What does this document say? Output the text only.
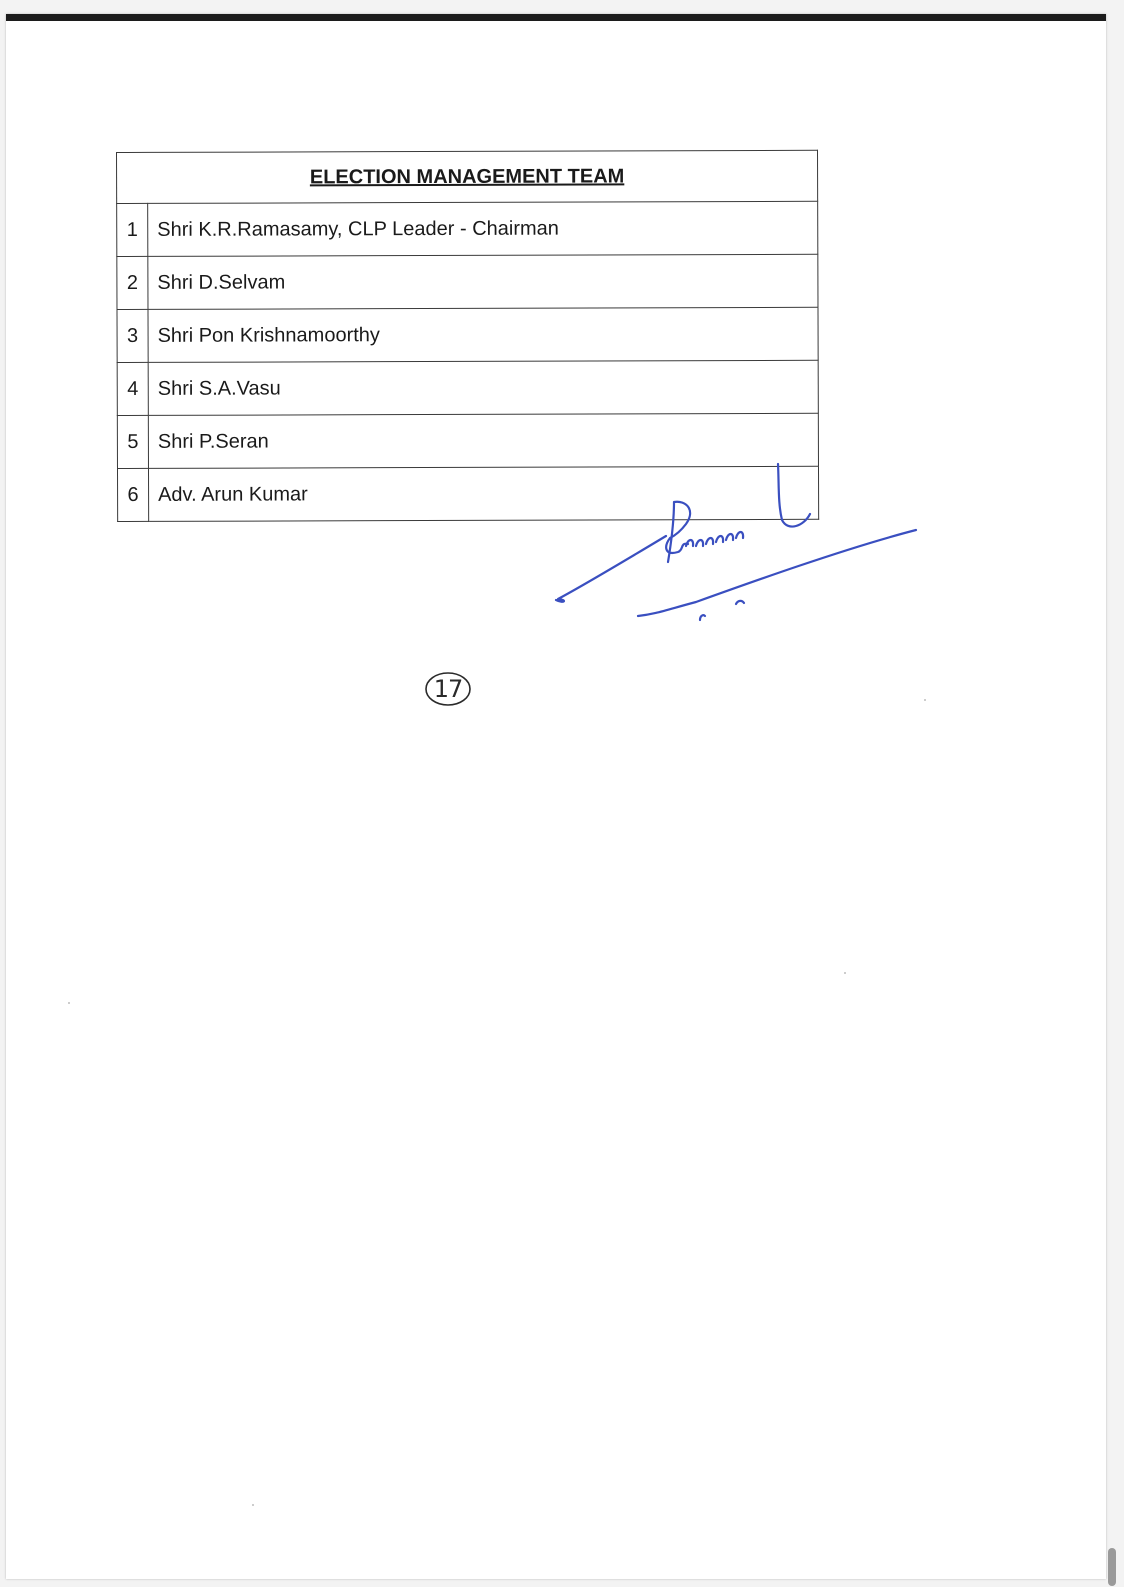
ELECTION MANAGEMENT TEAM	
1	Shri K.R.Ramasamy, CLP Leader - Chairman
2	Shri D.Selvam
3	Shri Pon Krishnamoorthy
4	Shri S.A.Vasu
5	Shri P.Seran
6	Adv. Arun Kumar
17
